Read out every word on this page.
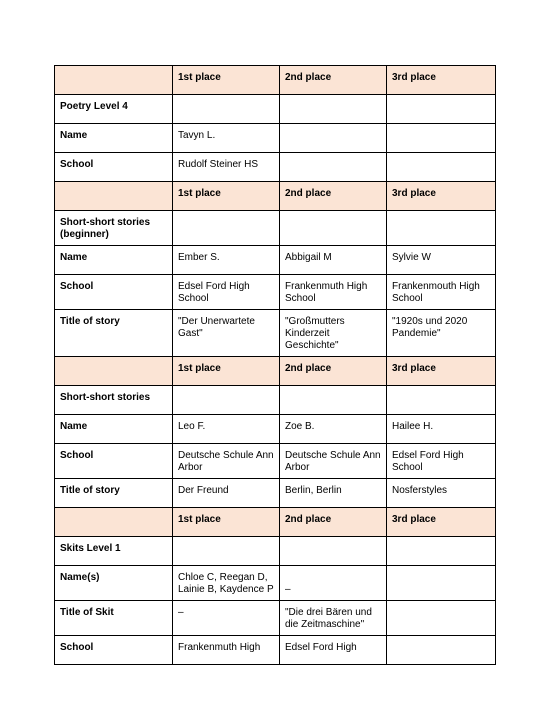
	1st place	2nd place	3rd place
Poetry Level 4			
Name	Tavyn L.		
School	Rudolf Steiner HS		
	1st place	2nd place	3rd place
Short-short stories (beginner)			
Name	Ember S.	Abbigail M	Sylvie W
School	Edsel Ford High School	Frankenmuth High School	Frankenmouth High School
Title of story	"Der Unerwartete Gast"	"Großmutters Kinderzeit Geschichte"	"1920s und 2020 Pandemie"
	1st place	2nd place	3rd place
Short-short stories			
Name	Leo F.	Zoe B.	Hailee H.
School	Deutsche Schule Ann Arbor	Deutsche Schule Ann Arbor	Edsel Ford High School
Title of story	Der Freund	Berlin, Berlin	Nosferstyles
	1st place	2nd place	3rd place
Skits Level 1			
Name(s)	Chloe C, Reegan D, Lainie B, Kaydence P	–	
Title of Skit	–	"Die drei Bären und die Zeitmaschine"	
School	Frankenmuth High	Edsel Ford High	
